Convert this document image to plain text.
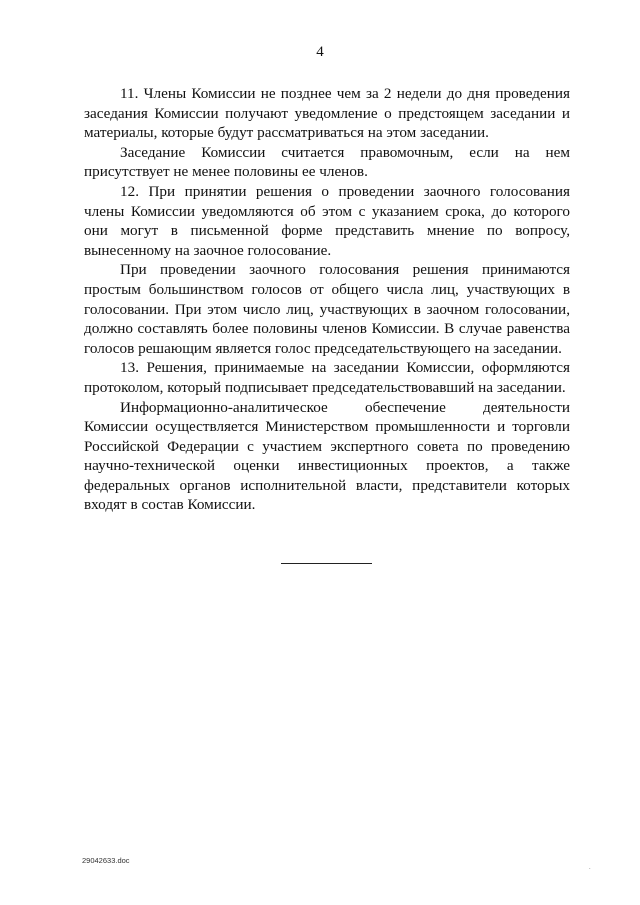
4

11. Члены Комиссии не позднее чем за 2 недели до дня проведения заседания Комиссии получают уведомление о предстоящем заседании и материалы, которые будут рассматриваться на этом заседании.

Заседание Комиссии считается правомочным, если на нем присутствует не менее половины ее членов.

12. При принятии решения о проведении заочного голосования члены Комиссии уведомляются об этом с указанием срока, до которого они могут в письменной форме представить мнение по вопросу, вынесенному на заочное голосование.

При проведении заочного голосования решения принимаются простым большинством голосов от общего числа лиц, участвующих в голосовании. При этом число лиц, участвующих в заочном голосовании, должно составлять более половины членов Комиссии. В случае равенства голосов решающим является голос председательствующего на заседании.

13. Решения, принимаемые на заседании Комиссии, оформляются протоколом, который подписывает председательствовавший на заседании.

Информационно-аналитическое обеспечение деятельности Комиссии осуществляется Министерством промышленности и торговли Российской Федерации с участием экспертного совета по проведению научно-технической оценки инвестиционных проектов, а также федеральных органов исполнительной власти, представители которых входят в состав Комиссии.

29042633.doc
.
